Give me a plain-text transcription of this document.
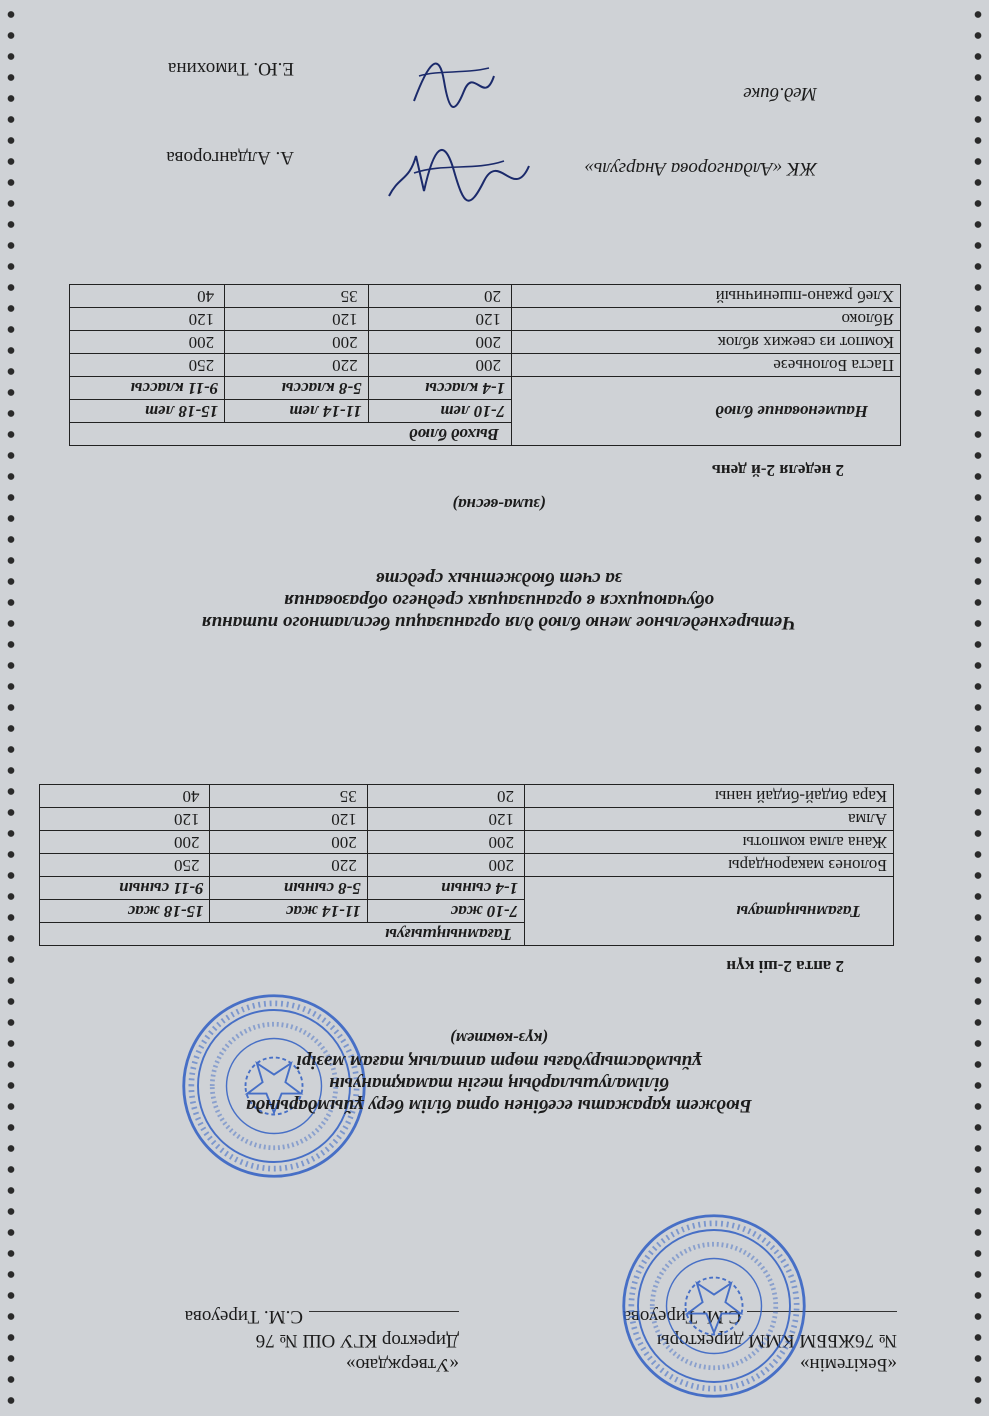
«Бекітемін»
№ 76ЖББМ КММ директоры
С.М. Тиреуова
«Утверждаю»
Директор КГУ ОШ № 76
С.М. Тиреуова
Бюджет қаражаты есебінен орта білім беру ұйымдарында
білімалушылардың тегін тамақтануын
ұйымдастырудағы төрт апталық тағам мәзірі
(күз-көктем)
2 апта 2-ші күн
Тағамныңатауы	Тағамныңшығуы		
	7-10 жас	11-14 жас	15-18 жас
	1-4 сынып	5-8 сынып	9-11 сынып
Болонез макарондары	200	220	250
Жана алма компоты	200	200	200
Алма	120	120	120
Кара бидай-бидай наны	20	35	40
Четырехнедельное меню блюд для организации бесплатного питания
обучающихся в организациях среднего образования
за счет бюджетных средств
(зима-весна)
2 неделя 2-й день
Наименование блюд	Выход блюд		
	7-10 лет	11-14 лет	15-18 лет
	1-4 классы	5-8 классы	9-11 классы
Паста Болоньезе	200	220	250
Компот из свежих яблок	200	200	200
Яблоко	120	120	120
Хлеб ржано-пшеничный	20	35	40
ЖК «Алдангорова Анаргуль»
А. Алдангорова
Мед.бике
Е.Ю. Тимохина
